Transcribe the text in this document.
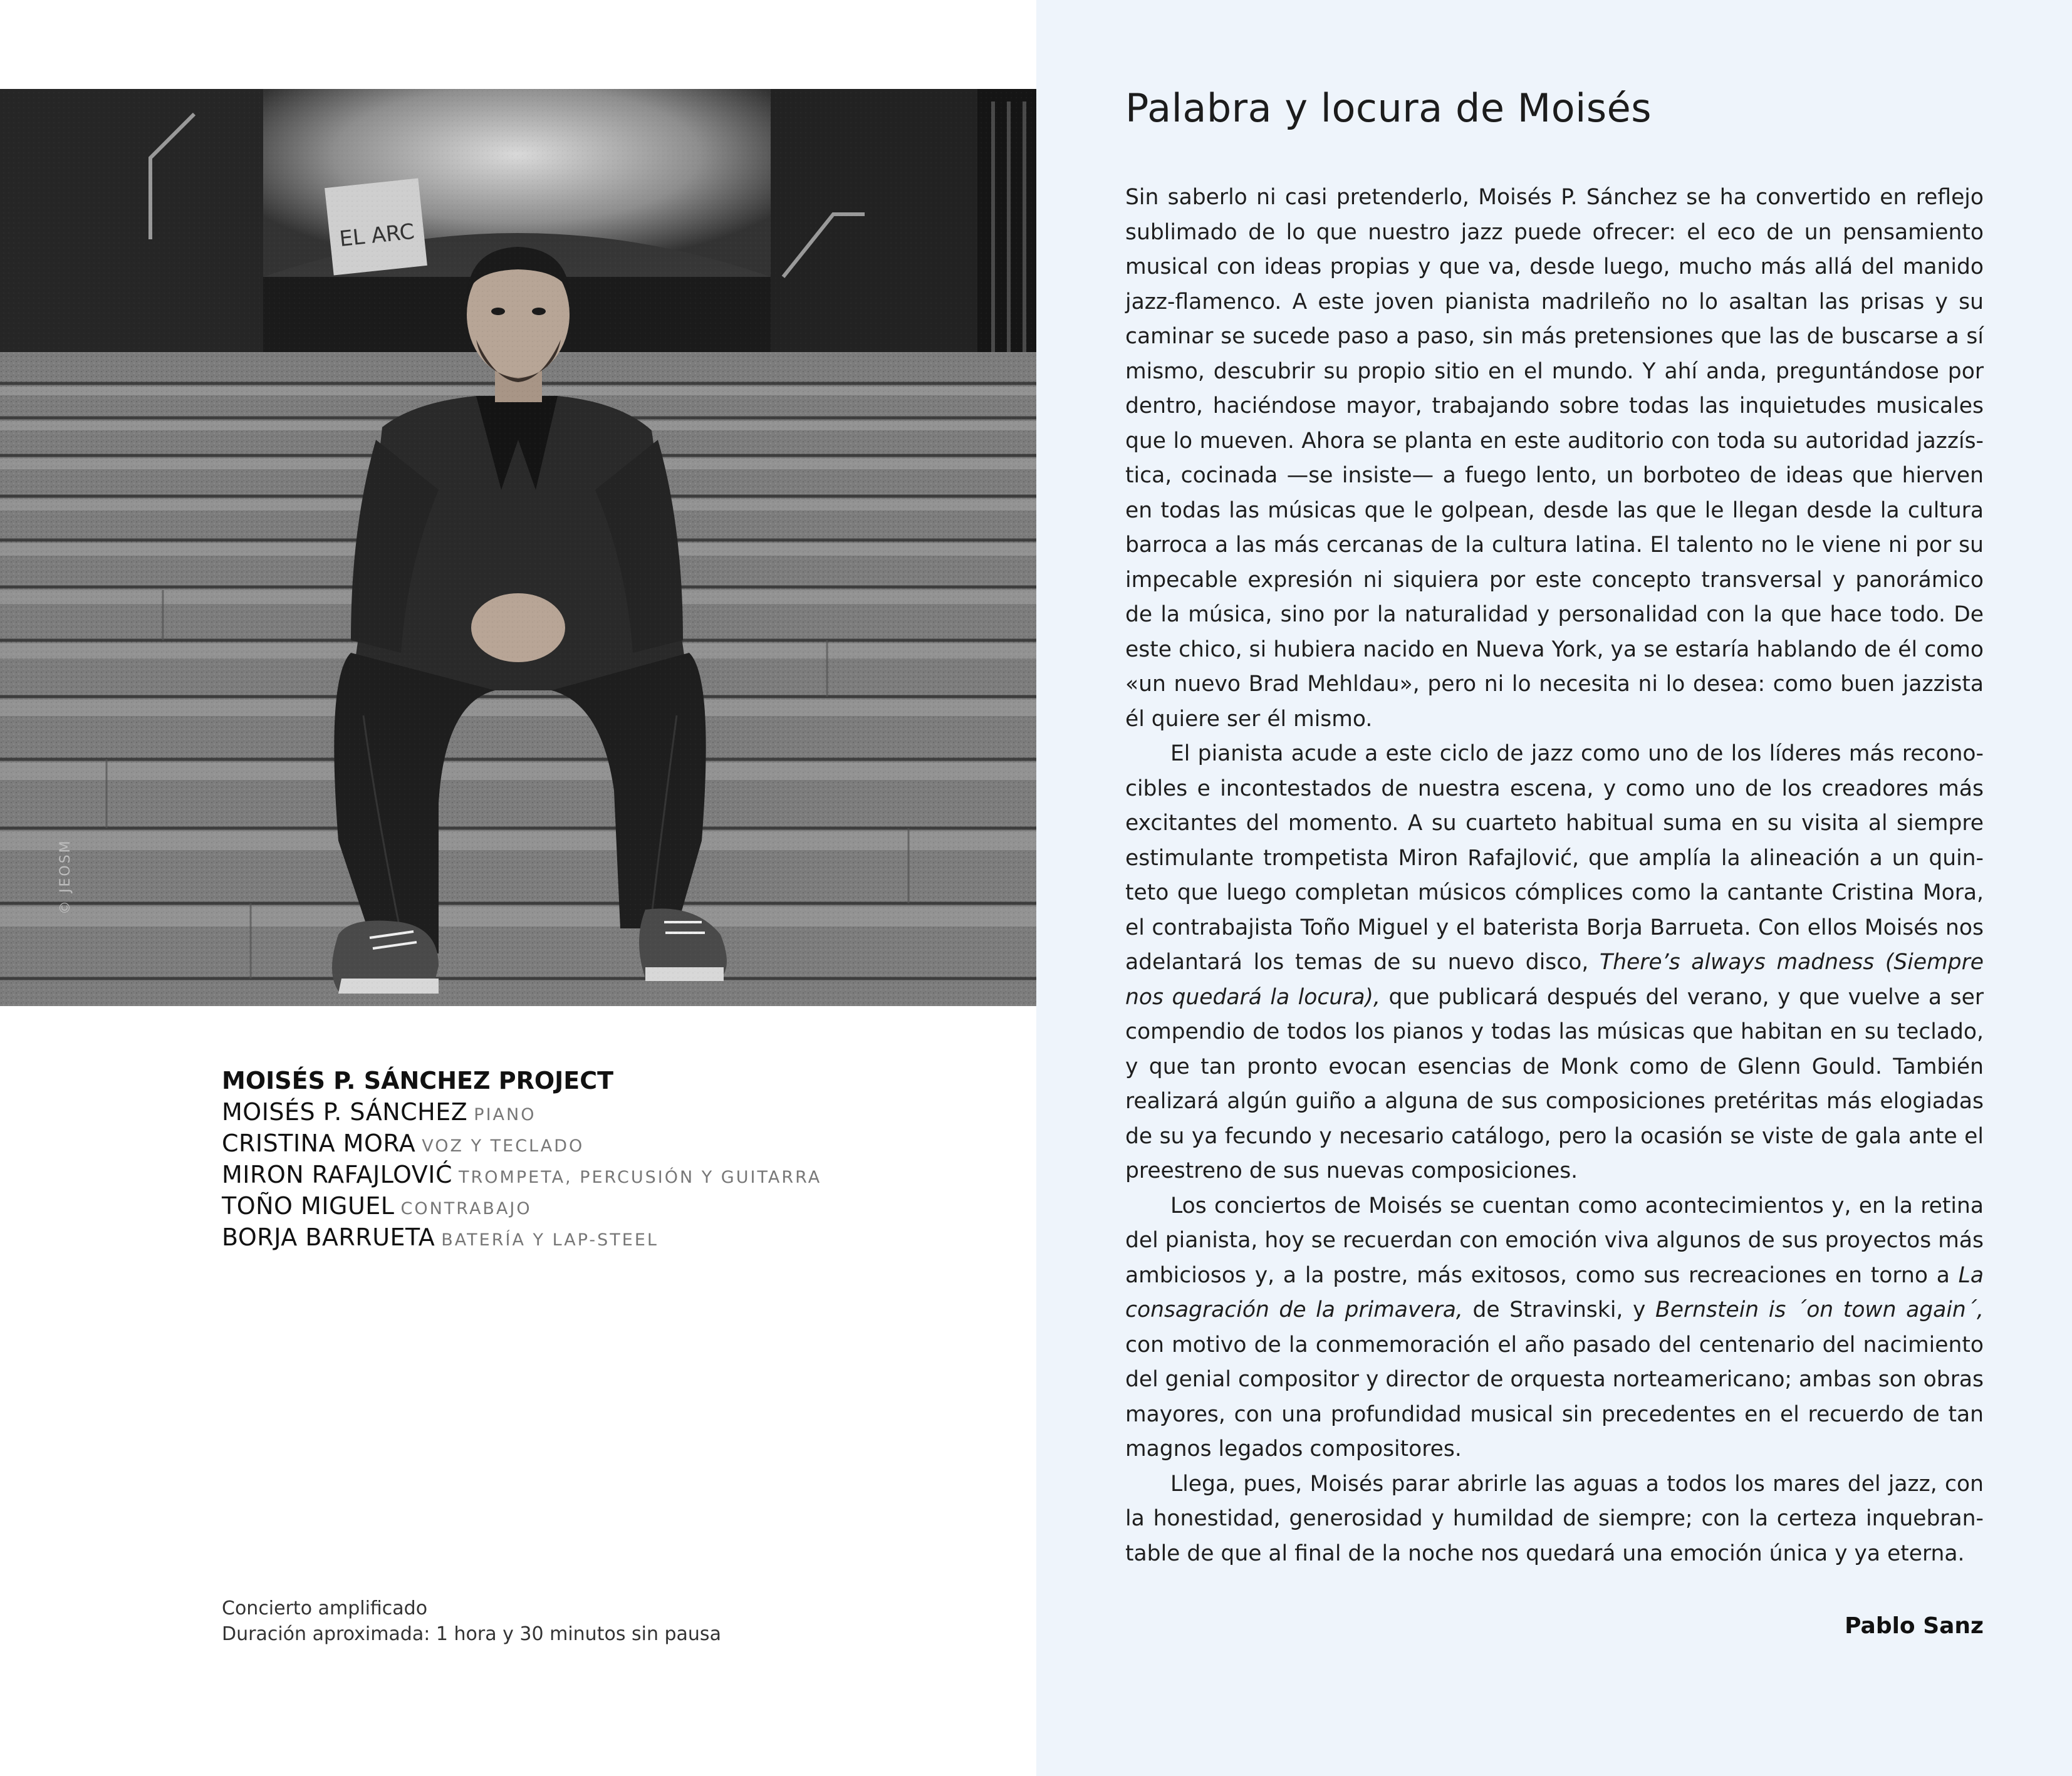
EL ARC
© JEOSM
MOISÉS P. SÁNCHEZ PROJECT
MOISÉS P. SÁNCHEZ PIANO
CRISTINA MORA VOZ Y TECLADO
MIRON RAFAJLOVIĆ TROMPETA, PERCUSIÓN Y GUITARRA
TOÑO MIGUEL CONTRABAJO
BORJA BARRUETA BATERÍA Y LAP-STEEL
Concierto amplificado
Duración aproximada: 1 hora y 30 minutos sin pausa
Palabra y locura de Moisés

Sin saberlo ni casi pretenderlo, Moisés P. Sánchez se ha convertido en reflejo sublimado de lo que nuestro jazz puede ofrecer: el eco de un pensamiento musical con ideas propias y que va, desde luego, mucho más allá del manido jazz-flamenco. A este joven pianista madrileño no lo asaltan las prisas y su caminar se sucede paso a paso, sin más pretensiones que las de buscarse a sí mismo, descubrir su propio sitio en el mundo. Y ahí anda, preguntándose por dentro, haciéndose mayor, trabajando sobre todas las inquietudes musicales que lo mueven. Ahora se planta en este auditorio con toda su autoridad jazzística, cocinada —se insiste— a fuego lento, un borboteo de ideas que hierven en todas las músicas que le golpean, desde las que le llegan desde la cultura barroca a las más cercanas de la cultura latina. El talento no le viene ni por su impecable expresión ni siquiera por este concepto transversal y panorámico de la música, sino por la naturalidad y personalidad con la que hace todo. De este chico, si hubiera nacido en Nueva York, ya se estaría hablando de él como «un nuevo Brad Mehldau», pero ni lo necesita ni lo desea: como buen jazzista él quiere ser él mismo.

El pianista acude a este ciclo de jazz como uno de los líderes más reconocibles e incontestados de nuestra escena, y como uno de los creadores más excitantes del momento. A su cuarteto habitual suma en su visita al siempre estimulante trompetista Miron Rafajlović, que amplía la alineación a un quinteto que luego completan músicos cómplices como la cantante Cristina Mora, el contrabajista Toño Miguel y el baterista Borja Barrueta. Con ellos Moisés nos adelantará los temas de su nuevo disco, There’s always madness (Siempre nos quedará la locura), que publicará después del verano, y que vuelve a ser compendio de todos los pianos y todas las músicas que habitan en su teclado, y que tan pronto evocan esencias de Monk como de Glenn Gould. También realizará algún guiño a alguna de sus composiciones pretéritas más elogiadas de su ya fecundo y necesario catálogo, pero la ocasión se viste de gala ante el preestreno de sus nuevas composiciones.

Los conciertos de Moisés se cuentan como acontecimientos y, en la retina del pianista, hoy se recuerdan con emoción viva algunos de sus proyectos más ambiciosos y, a la postre, más exitosos, como sus recreaciones en torno a La consagración de la primavera, de Stravinski, y Bernstein is ´on town again´, con motivo de la conmemoración el año pasado del centenario del nacimiento del genial compositor y director de orquesta norteamericano; ambas son obras mayores, con una profundidad musical sin precedentes en el recuerdo de tan magnos legados compositores.

Llega, pues, Moisés parar abrirle las aguas a todos los mares del jazz, con la honestidad, generosidad y humildad de siempre; con la certeza inquebrantable de que al final de la noche nos quedará una emoción única y ya eterna.

Pablo Sanz
